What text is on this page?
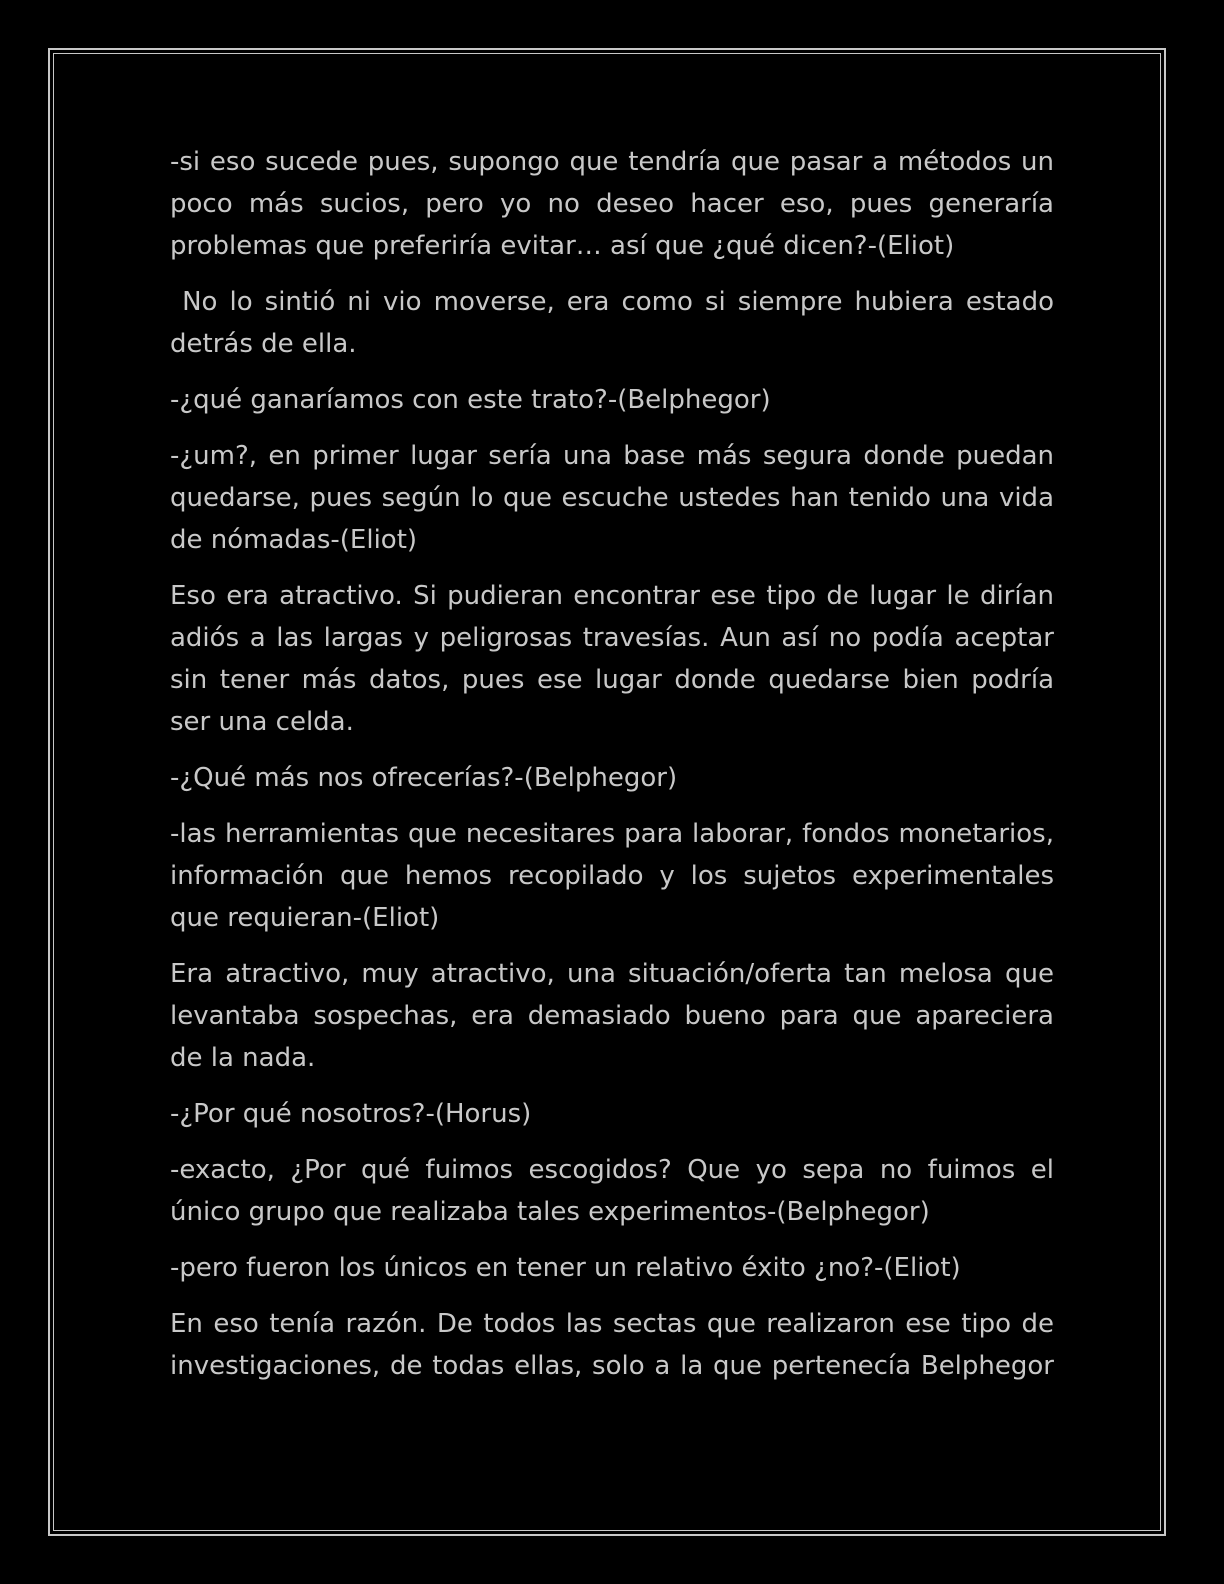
-si eso sucede pues, supongo que tendría que pasar a métodos un poco más sucios, pero yo no deseo hacer eso, pues generaría problemas que preferiría evitar… así que ¿qué dicen?-(Eliot)

No lo sintió ni vio moverse, era como si siempre hubiera estado detrás de ella.

-¿qué ganaríamos con este trato?-(Belphegor)

-¿um?, en primer lugar sería una base más segura donde puedan quedarse, pues según lo que escuche ustedes han tenido una vida de nómadas-(Eliot)

Eso era atractivo. Si pudieran encontrar ese tipo de lugar le dirían adiós a las largas y peligrosas travesías. Aun así no podía aceptar sin tener más datos, pues ese lugar donde quedarse bien podría ser una celda.

-¿Qué más nos ofrecerías?-(Belphegor)

-las herramientas que necesitares para laborar, fondos monetarios, información que hemos recopilado y los sujetos experimentales que requieran-(Eliot)

Era atractivo, muy atractivo, una situación/oferta tan melosa que levantaba sospechas, era demasiado bueno para que apareciera de la nada.

-¿Por qué nosotros?-(Horus)

-exacto, ¿Por qué fuimos escogidos? Que yo sepa no fuimos el único grupo que realizaba tales experimentos-(Belphegor)

-pero fueron los únicos en tener un relativo éxito ¿no?-(Eliot)

En eso tenía razón. De todos las sectas que realizaron ese tipo de investigaciones, de todas ellas, solo a la que pertenecía Belphegor
